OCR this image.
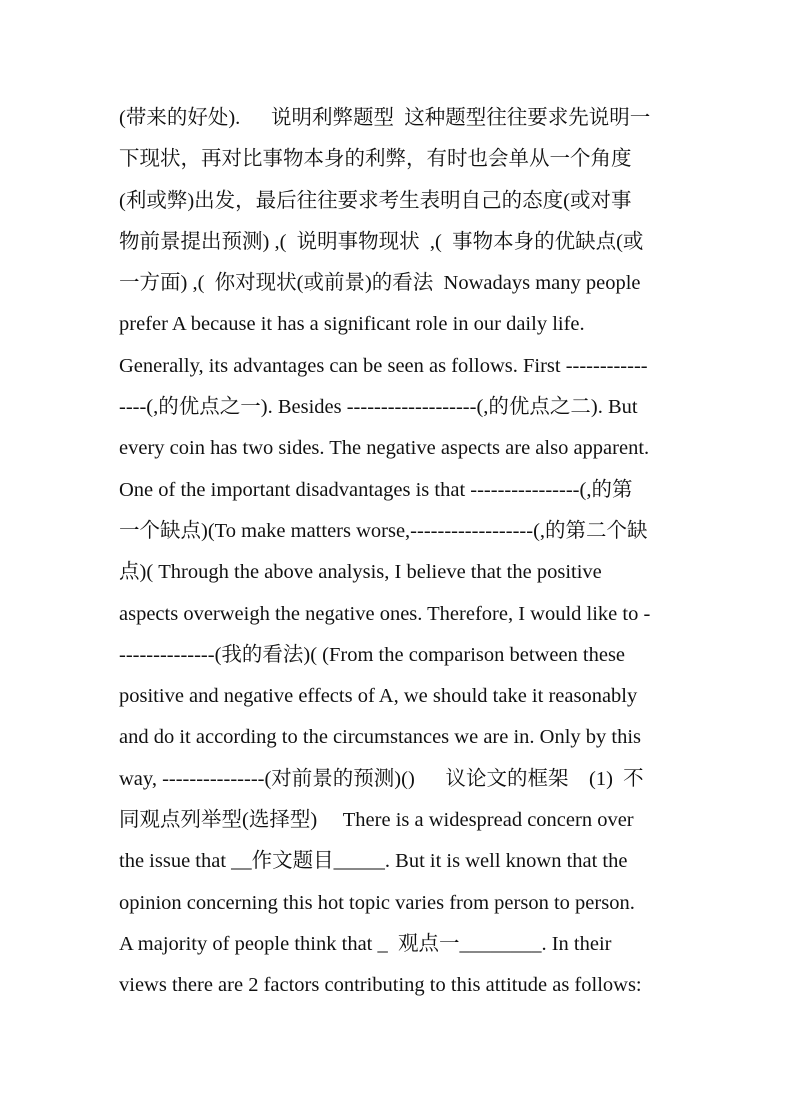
(带来的好处).      说明利弊题型  这种题型往往要求先说明一
下现状，再对比事物本身的利弊，有时也会单从一个角度
(利或弊)出发，最后往往要求考生表明自己的态度(或对事
物前景提出预测) ,(  说明事物现状  ,(  事物本身的优缺点(或
一方面) ,(  你对现状(或前景)的看法  Nowadays many people
prefer A because it has a significant role in our daily life.
Generally, its advantages can be seen as follows. First ------------
----(,的优点之一). Besides -------------------(,的优点之二). But
every coin has two sides. The negative aspects are also apparent.
One of the important disadvantages is that ----------------(,的第
一个缺点)(To make matters worse,------------------(,的第二个缺
点)( Through the above analysis, I believe that the positive
aspects overweigh the negative ones. Therefore, I would like to -
--------------(我的看法)( (From the comparison between these
positive and negative effects of A, we should take it reasonably
and do it according to the circumstances we are in. Only by this
way, ---------------(对前景的预测)()      议论文的框架    (1)  不
同观点列举型(选择型)     There is a widespread concern over
the issue that __作文题目_____. But it is well known that the
opinion concerning this hot topic varies from person to person.
A majority of people think that _  观点一________. In their
views there are 2 factors contributing to this attitude as follows:
